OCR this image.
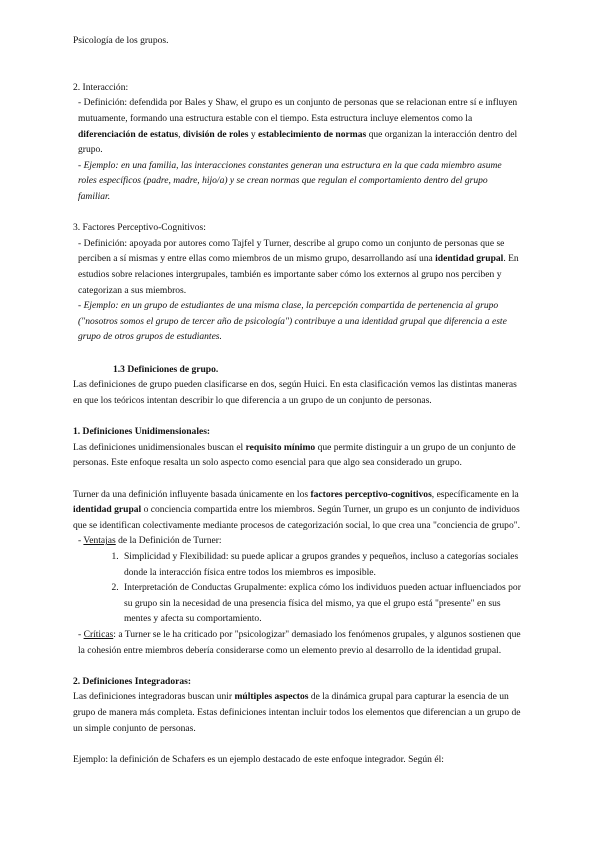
Psicología de los grupos.

2. Interacción:

- Definición: defendida por Bales y Shaw, el grupo es un conjunto de personas que se relacionan entre sí e influyen mutuamente, formando una estructura estable con el tiempo. Esta estructura incluye elementos como la diferenciación de estatus, división de roles y establecimiento de normas que organizan la interacción dentro del grupo.

- Ejemplo: en una familia, las interacciones constantes generan una estructura en la que cada miembro asume roles específicos (padre, madre, hijo/a) y se crean normas que regulan el comportamiento dentro del grupo familiar.

3. Factores Perceptivo-Cognitivos:

- Definición: apoyada por autores como Tajfel y Turner, describe al grupo como un conjunto de personas que se perciben a sí mismas y entre ellas como miembros de un mismo grupo, desarrollando así una identidad grupal. En estudios sobre relaciones intergrupales, también es importante saber cómo los externos al grupo nos perciben y categorizan a sus miembros.

- Ejemplo: en un grupo de estudiantes de una misma clase, la percepción compartida de pertenencia al grupo ("nosotros somos el grupo de tercer año de psicología") contribuye a una identidad grupal que diferencia a este grupo de otros grupos de estudiantes.

1.3 Definiciones de grupo.

Las definiciones de grupo pueden clasificarse en dos, según Huici. En esta clasificación vemos las distintas maneras en que los teóricos intentan describir lo que diferencia a un grupo de un conjunto de personas.

1. Definiciones Unidimensionales:

Las definiciones unidimensionales buscan el requisito mínimo que permite distinguir a un grupo de un conjunto de personas. Este enfoque resalta un solo aspecto como esencial para que algo sea considerado un grupo.

Turner da una definición influyente basada únicamente en los factores perceptivo-cognitivos, específicamente en la identidad grupal o conciencia compartida entre los miembros. Según Turner, un grupo es un conjunto de individuos que se identifican colectivamente mediante procesos de categorización social, lo que crea una "conciencia de grupo".

- Ventajas de la Definición de Turner:

1. Simplicidad y Flexibilidad: su puede aplicar a grupos grandes y pequeños, incluso a categorías sociales donde la interacción física entre todos los miembros es imposible.
2. Interpretación de Conductas Grupalmente: explica cómo los individuos pueden actuar influenciados por su grupo sin la necesidad de una presencia física del mismo, ya que el grupo está "presente" en sus mentes y afecta su comportamiento.

- Críticas: a Turner se le ha criticado por "psicologizar" demasiado los fenómenos grupales, y algunos sostienen que la cohesión entre miembros debería considerarse como un elemento previo al desarrollo de la identidad grupal.

2. Definiciones Integradoras:

Las definiciones integradoras buscan unir múltiples aspectos de la dinámica grupal para capturar la esencia de un grupo de manera más completa. Estas definiciones intentan incluir todos los elementos que diferencian a un grupo de un simple conjunto de personas.

Ejemplo: la definición de Schafers es un ejemplo destacado de este enfoque integrador. Según él:
